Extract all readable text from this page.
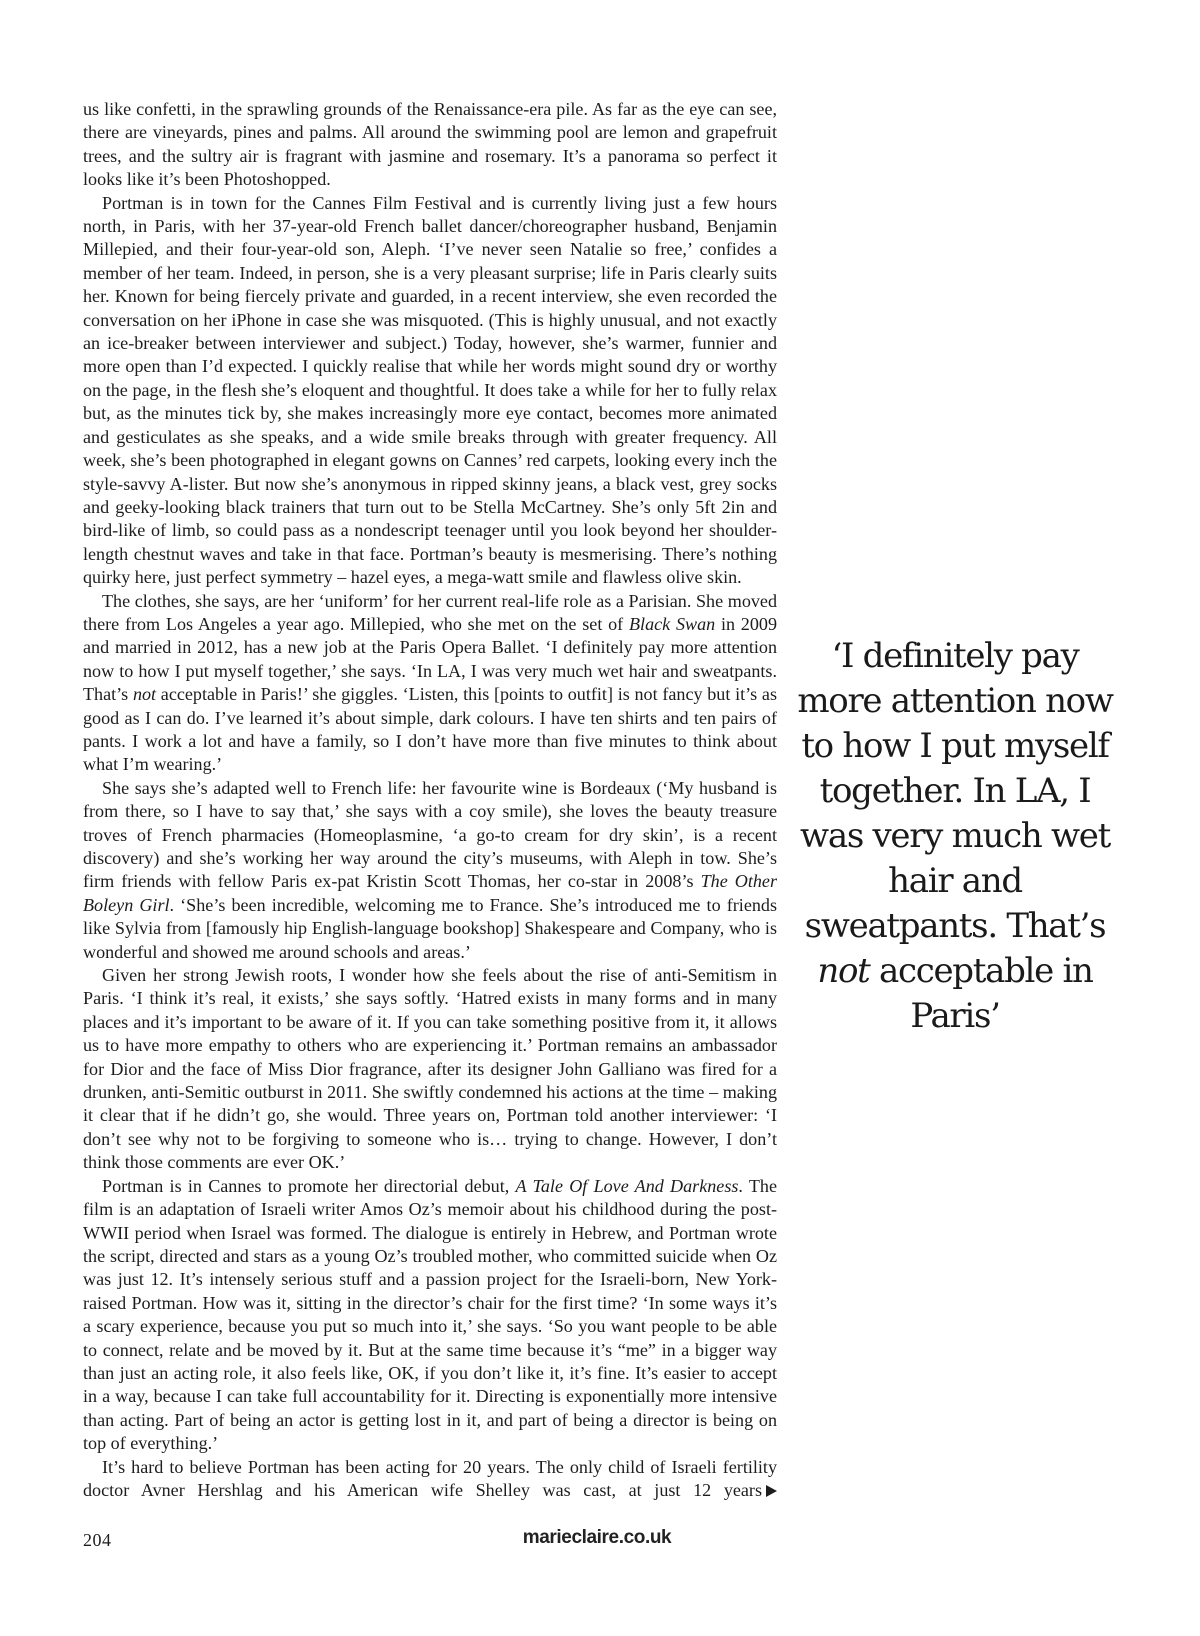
us like confetti, in the sprawling grounds of the Renaissance-era pile. As far as the eye can see, there are vineyards, pines and palms. All around the swimming pool are lemon and grapefruit trees, and the sultry air is fragrant with jasmine and rosemary. It’s a panorama so perfect it looks like it’s been Photoshopped.

Portman is in town for the Cannes Film Festival and is currently living just a few hours north, in Paris, with her 37-year-old French ballet dancer/choreographer husband, Benjamin Millepied, and their four-year-old son, Aleph. ‘I’ve never seen Natalie so free,’ confides a member of her team. Indeed, in person, she is a very pleasant surprise; life in Paris clearly suits her. Known for being fiercely private and guarded, in a recent interview, she even recorded the conversation on her iPhone in case she was misquoted. (This is highly unusual, and not exactly an ice-breaker between interviewer and subject.) Today, however, she’s warmer, funnier and more open than I’d expected. I quickly realise that while her words might sound dry or worthy on the page, in the flesh she’s eloquent and thoughtful. It does take a while for her to fully relax but, as the minutes tick by, she makes increasingly more eye contact, becomes more animated and gesticulates as she speaks, and a wide smile breaks through with greater frequency. All week, she’s been photographed in elegant gowns on Cannes’ red carpets, looking every inch the style-savvy A-lister. But now she’s anonymous in ripped skinny jeans, a black vest, grey socks and geeky-looking black trainers that turn out to be Stella McCartney. She’s only 5ft 2in and bird-like of limb, so could pass as a nondescript teenager until you look beyond her shoulder-length chestnut waves and take in that face. Portman’s beauty is mesmerising. There’s nothing quirky here, just perfect symmetry – hazel eyes, a mega-watt smile and flawless olive skin.

The clothes, she says, are her ‘uniform’ for her current real-life role as a Parisian. She moved there from Los Angeles a year ago. Millepied, who she met on the set of Black Swan in 2009 and married in 2012, has a new job at the Paris Opera Ballet. ‘I definitely pay more attention now to how I put myself together,’ she says. ‘In LA, I was very much wet hair and sweatpants. That’s not acceptable in Paris!’ she giggles. ‘Listen, this [points to outfit] is not fancy but it’s as good as I can do. I’ve learned it’s about simple, dark colours. I have ten shirts and ten pairs of pants. I work a lot and have a family, so I don’t have more than five minutes to think about what I’m wearing.’

She says she’s adapted well to French life: her favourite wine is Bordeaux (‘My husband is from there, so I have to say that,’ she says with a coy smile), she loves the beauty treasure troves of French pharmacies (Homeoplasmine, ‘a go-to cream for dry skin’, is a recent discovery) and she’s working her way around the city’s museums, with Aleph in tow. She’s firm friends with fellow Paris ex-pat Kristin Scott Thomas, her co-star in 2008’s The Other Boleyn Girl. ‘She’s been incredible, welcoming me to France. She’s introduced me to friends like Sylvia from [famously hip English-language bookshop] Shakespeare and Company, who is wonderful and showed me around schools and areas.’

Given her strong Jewish roots, I wonder how she feels about the rise of anti-Semitism in Paris. ‘I think it’s real, it exists,’ she says softly. ‘Hatred exists in many forms and in many places and it’s important to be aware of it. If you can take something positive from it, it allows us to have more empathy to others who are experiencing it.’ Portman remains an ambassador for Dior and the face of Miss Dior fragrance, after its designer John Galliano was fired for a drunken, anti-Semitic outburst in 2011. She swiftly condemned his actions at the time – making it clear that if he didn’t go, she would. Three years on, Portman told another interviewer: ‘I don’t see why not to be forgiving to someone who is… trying to change. However, I don’t think those comments are ever OK.’

Portman is in Cannes to promote her directorial debut, A Tale Of Love And Darkness. The film is an adaptation of Israeli writer Amos Oz’s memoir about his childhood during the post-WWII period when Israel was formed. The dialogue is entirely in Hebrew, and Portman wrote the script, directed and stars as a young Oz’s troubled mother, who committed suicide when Oz was just 12. It’s intensely serious stuff and a passion project for the Israeli-born, New York-raised Portman. How was it, sitting in the director’s chair for the first time? ‘In some ways it’s a scary experience, because you put so much into it,’ she says. ‘So you want people to be able to connect, relate and be moved by it. But at the same time because it’s “me” in a bigger way than just an acting role, it also feels like, OK, if you don’t like it, it’s fine. It’s easier to accept in a way, because I can take full accountability for it. Directing is exponentially more intensive than acting. Part of being an actor is getting lost in it, and part of being a director is being on top of everything.’

It’s hard to believe Portman has been acting for 20 years. The only child of Israeli fertility doctor Avner Hershlag and his American wife Shelley was cast, at just 12 years

‘I definitely pay more attention now to how I put myself together. In LA, I was very much wet hair and sweatpants. That’s not acceptable in Paris’
204	marieclaire.co.uk
